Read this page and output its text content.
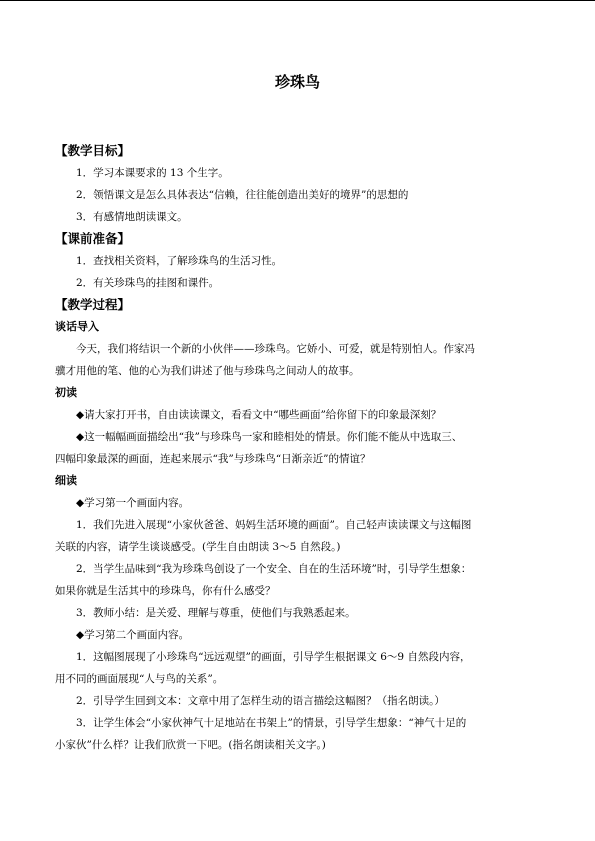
珍珠鸟
【教学目标】
1．学习本课要求的 13 个生字。
2．领悟课文是怎么具体表达“信赖，往往能创造出美好的境界”的思想的
3．有感情地朗读课文。
【课前准备】
1．查找相关资料，了解珍珠鸟的生活习性。
2．有关珍珠鸟的挂图和课件。
【教学过程】
谈话导入
今天，我们将结识一个新的小伙伴——珍珠鸟。它娇小、可爱，就是特别怕人。作家冯
骥才用他的笔、他的心为我们讲述了他与珍珠鸟之间动人的故事。
初读
◆请大家打开书，自由读读课文，看看文中“哪些画面”给你留下的印象最深刻？
◆这一幅幅画面描绘出“我”与珍珠鸟一家和睦相处的情景。你们能不能从中选取三、
四幅印象最深的画面，连起来展示“我”与珍珠鸟“日渐亲近”的情谊？
细读
◆学习第一个画面内容。
1．我们先进入展现“小家伙爸爸、妈妈生活环境的画面”。自己轻声读读课文与这幅图
关联的内容，请学生谈谈感受。(学生自由朗读 3～5 自然段。)
2．当学生品味到“我为珍珠鸟创设了一个安全、自在的生活环境”时，引导学生想象：
如果你就是生活其中的珍珠鸟，你有什么感受？
3．教师小结：是关爱、理解与尊重，使他们与我熟悉起来。
◆学习第二个画面内容。
1．这幅图展现了小珍珠鸟“远远观望”的画面，引导学生根据课文 6～9 自然段内容，
用不同的画面展现“人与鸟的关系”。
2．引导学生回到文本：文章中用了怎样生动的语言描绘这幅图？（指名朗读。）
3．让学生体会“小家伙神气十足地站在书架上”的情景，引导学生想象：“神气十足的
小家伙”什么样？让我们欣赏一下吧。(指名朗读相关文字。)
